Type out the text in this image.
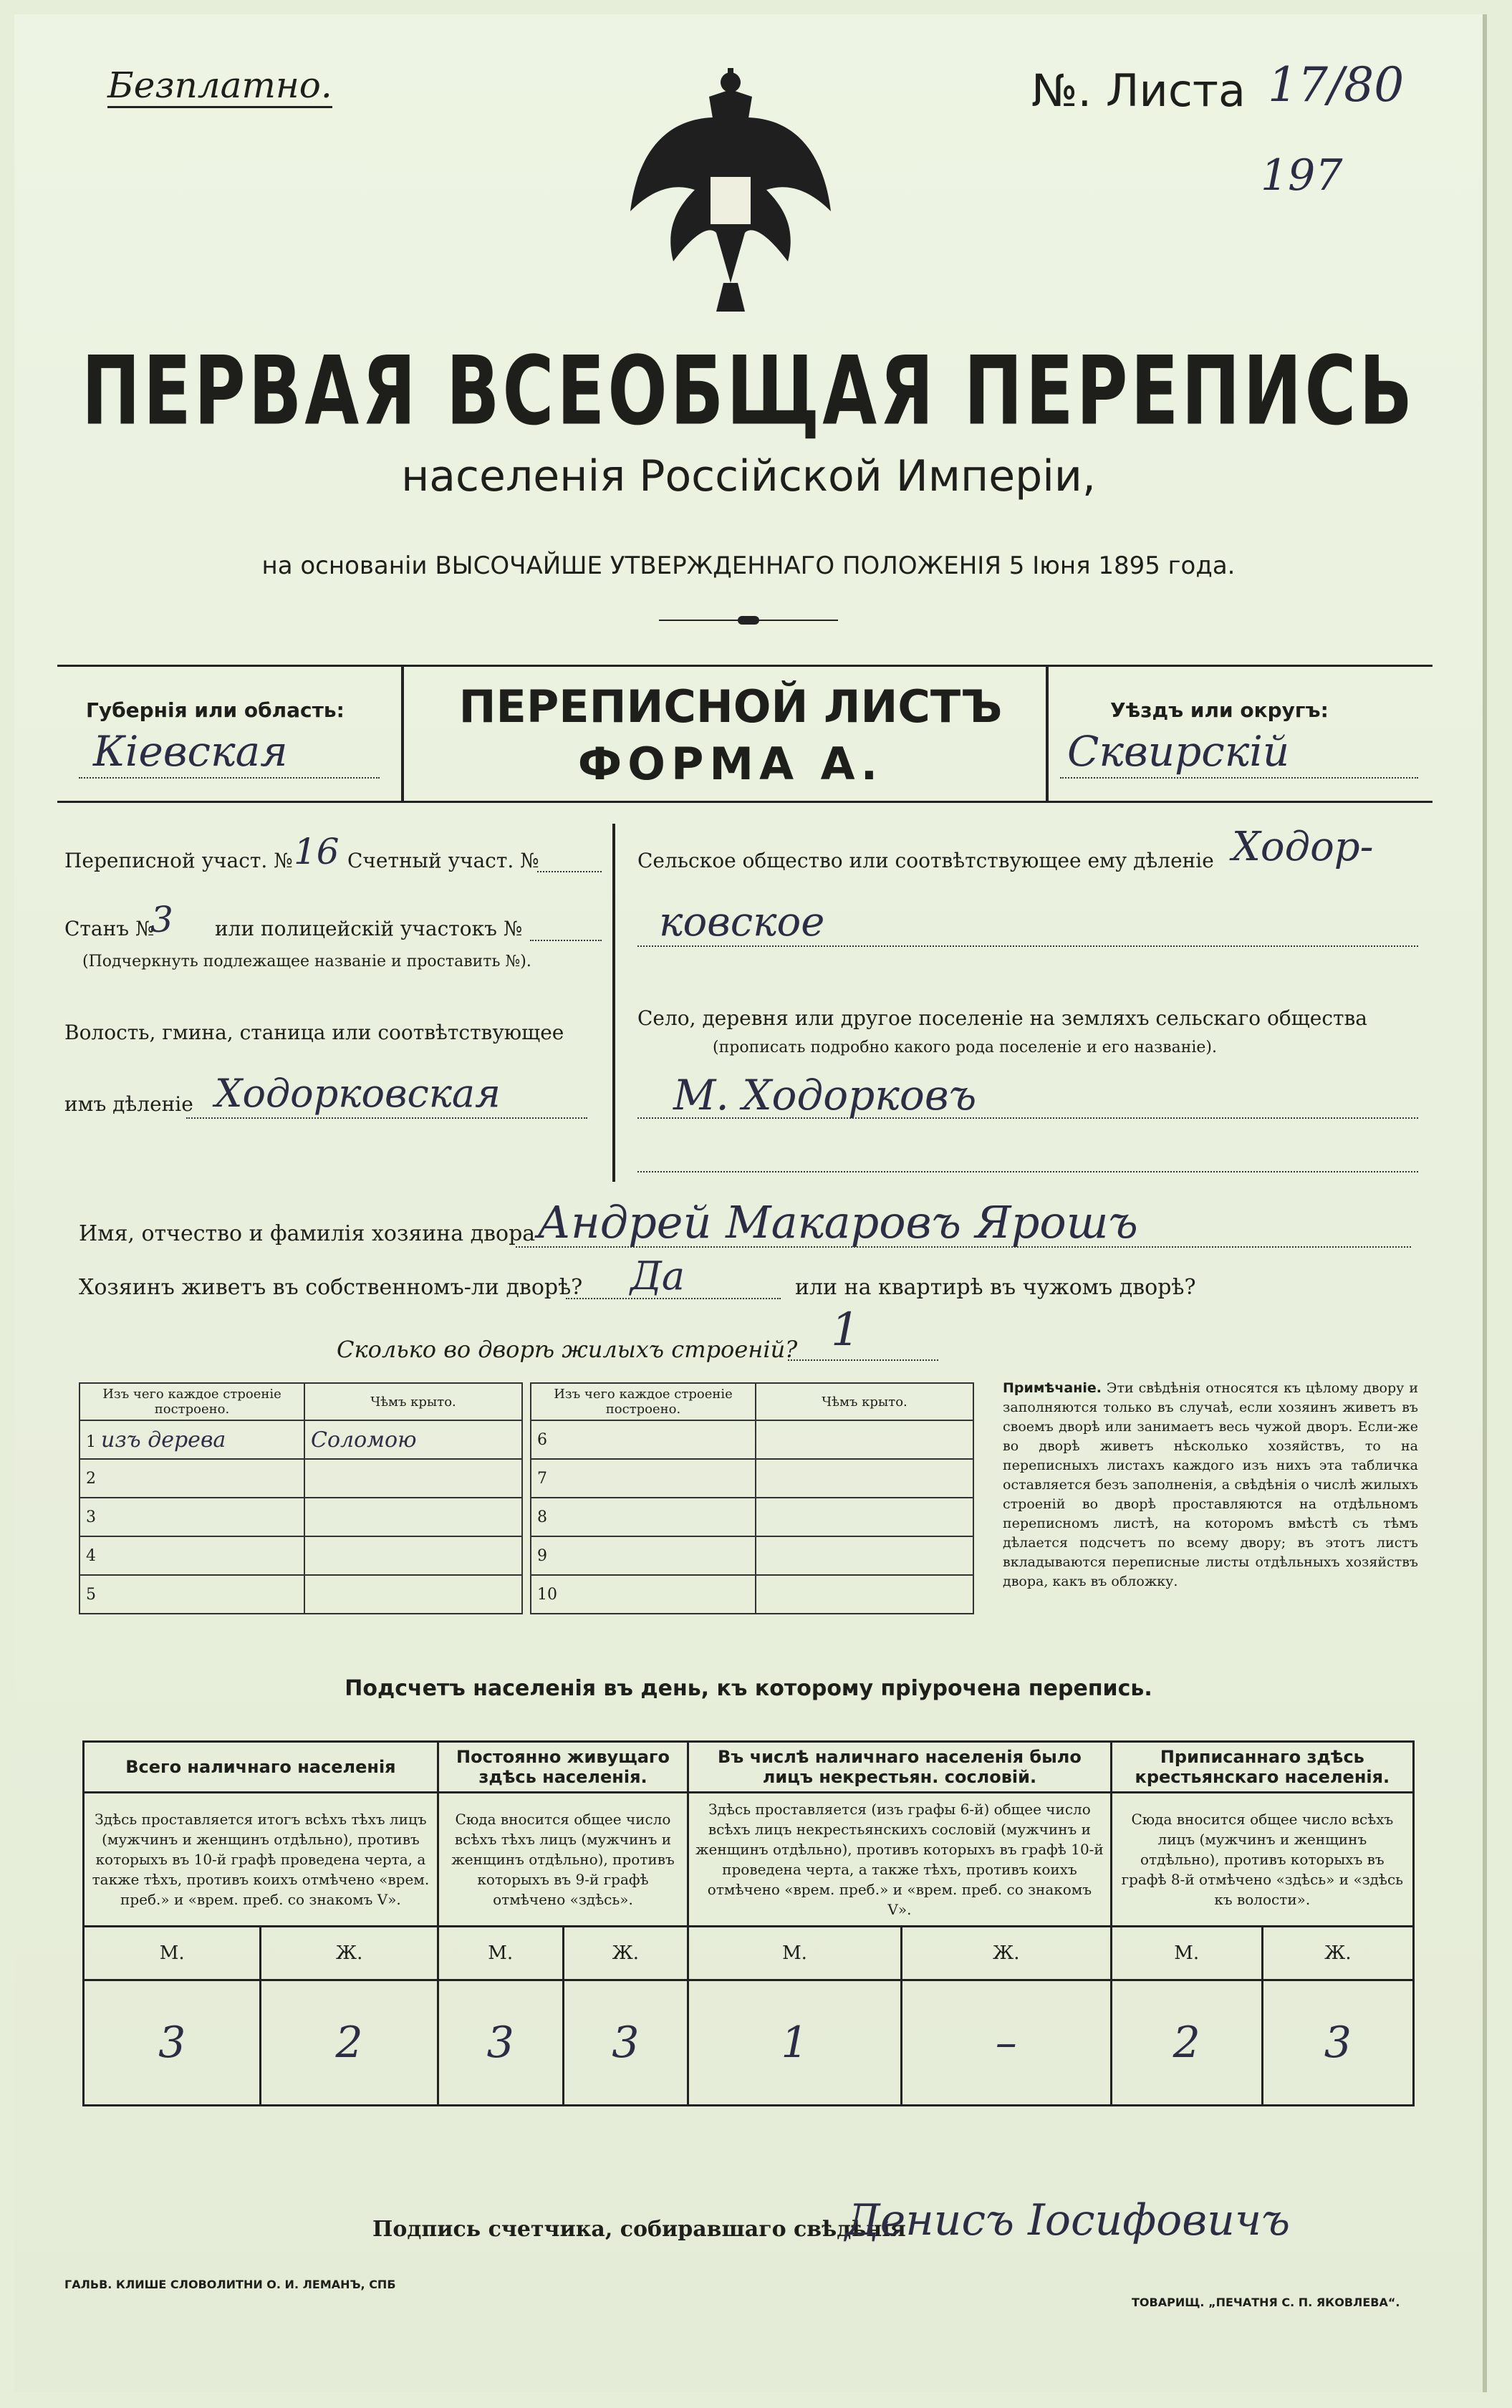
Безплатно.	№. Листа 17/80
197
ПЕРВАЯ ВСЕОБЩАЯ ПЕРЕПИСЬ
населенія Россійской Имперіи,
на основаніи ВЫСОЧАЙШЕ УТВЕРЖДЕННАГО ПОЛОЖЕНІЯ 5 Іюня 1895 года.
Губернія или область:
Кіевская
ПЕРЕПИСНОЙ ЛИСТЪ
ФОРМА А.
Уѣздъ или округъ:
Сквирскій
Переписной участ. № 16 Счетный участ. №
Станъ №
3 или полицейскій участокъ №
(Подчеркнуть подлежащее названіе и проставить №).
Волость, гмина, станица или соотвѣтствующее
имъ дѣленіе Ходорковская
Сельское общество или соотвѣтствующее ему дѣленіе Ходор-
ковское
Село, деревня или другое поселеніе на земляхъ сельскаго общества
(прописать подробно какого рода поселеніе и его названіе).
М. Ходорковъ
Имя, отчество и фамилія хозяина двора Андрей Макаровъ Ярошъ
Хозяинъ живетъ въ собственномъ-ли дворѣ? Да	или на квартирѣ въ чужомъ дворѣ?
Сколько во дворѣ жилыхъ строеній? 1
Изъ чего каждое строеніе построено.	Чѣмъ крыто.
1 изъ дерева	Соломою
2	
3	
4	
5	
Изъ чего каждое строеніе построено.	Чѣмъ крыто.
6	
7	
8	
9	
10	
Примѣчаніе. Эти свѣдѣнія относятся къ цѣлому двору и заполняются только въ случаѣ, если хозяинъ живетъ въ своемъ дворѣ или занимаетъ весь чужой дворъ. Если-же во дворѣ живетъ нѣсколько хозяйствъ, то на переписныхъ листахъ каждого изъ нихъ эта табличка оставляется безъ заполненія, а свѣдѣнія о числѣ жилыхъ строеній во дворѣ проставляются на отдѣльномъ переписномъ листѣ, на которомъ вмѣстѣ съ тѣмъ дѣлается подсчетъ по всему двору; въ этотъ листъ вкладываются переписные листы отдѣльныхъ хозяйствъ двора, какъ въ обложку.
Подсчетъ населенія въ день, къ которому пріурочена перепись.
Всего наличнаго населенія		Постоянно живущаго здѣсь населенія.		Въ числѣ наличнаго населенія было лицъ некрестьян. сословій.		Приписаннаго здѣсь крестьянскаго населенія.	
Здѣсь проставляется итогъ всѣхъ тѣхъ лицъ (мужчинъ и женщинъ отдѣльно), противъ которыхъ въ 10-й графѣ проведена черта, а также тѣхъ, противъ коихъ отмѣчено «врем. преб.» и «врем. преб. со знакомъ V».		Сюда вносится общее число всѣхъ тѣхъ лицъ (мужчинъ и женщинъ отдѣльно), противъ которыхъ въ 9-й графѣ отмѣчено «здѣсь».		Здѣсь проставляется (изъ графы 6-й) общее число всѣхъ лицъ некрестьянскихъ сословій (мужчинъ и женщинъ отдѣльно), противъ которыхъ въ графѣ 10-й проведена черта, а также тѣхъ, противъ коихъ отмѣчено «врем. преб.» и «врем. преб. со знакомъ V».		Сюда вносится общее число всѣхъ лицъ (мужчинъ и женщинъ отдѣльно), противъ которыхъ въ графѣ 8-й отмѣчено «здѣсь» и «здѣсь къ волости».	
М.	Ж.	М.	Ж.	М.	Ж.	М.	Ж.
3	2	3	3	1	–	2	3
Подпись счетчика, собиравшаго свѣдѣнія
Денисъ Іосифовичъ
ГАЛЬВ. КЛИШЕ СЛОВОЛИТНИ О. И. ЛЕМАНЪ, СПБ
ТОВАРИЩ. „ПЕЧАТНЯ С. П. ЯКОВЛЕВА“.
